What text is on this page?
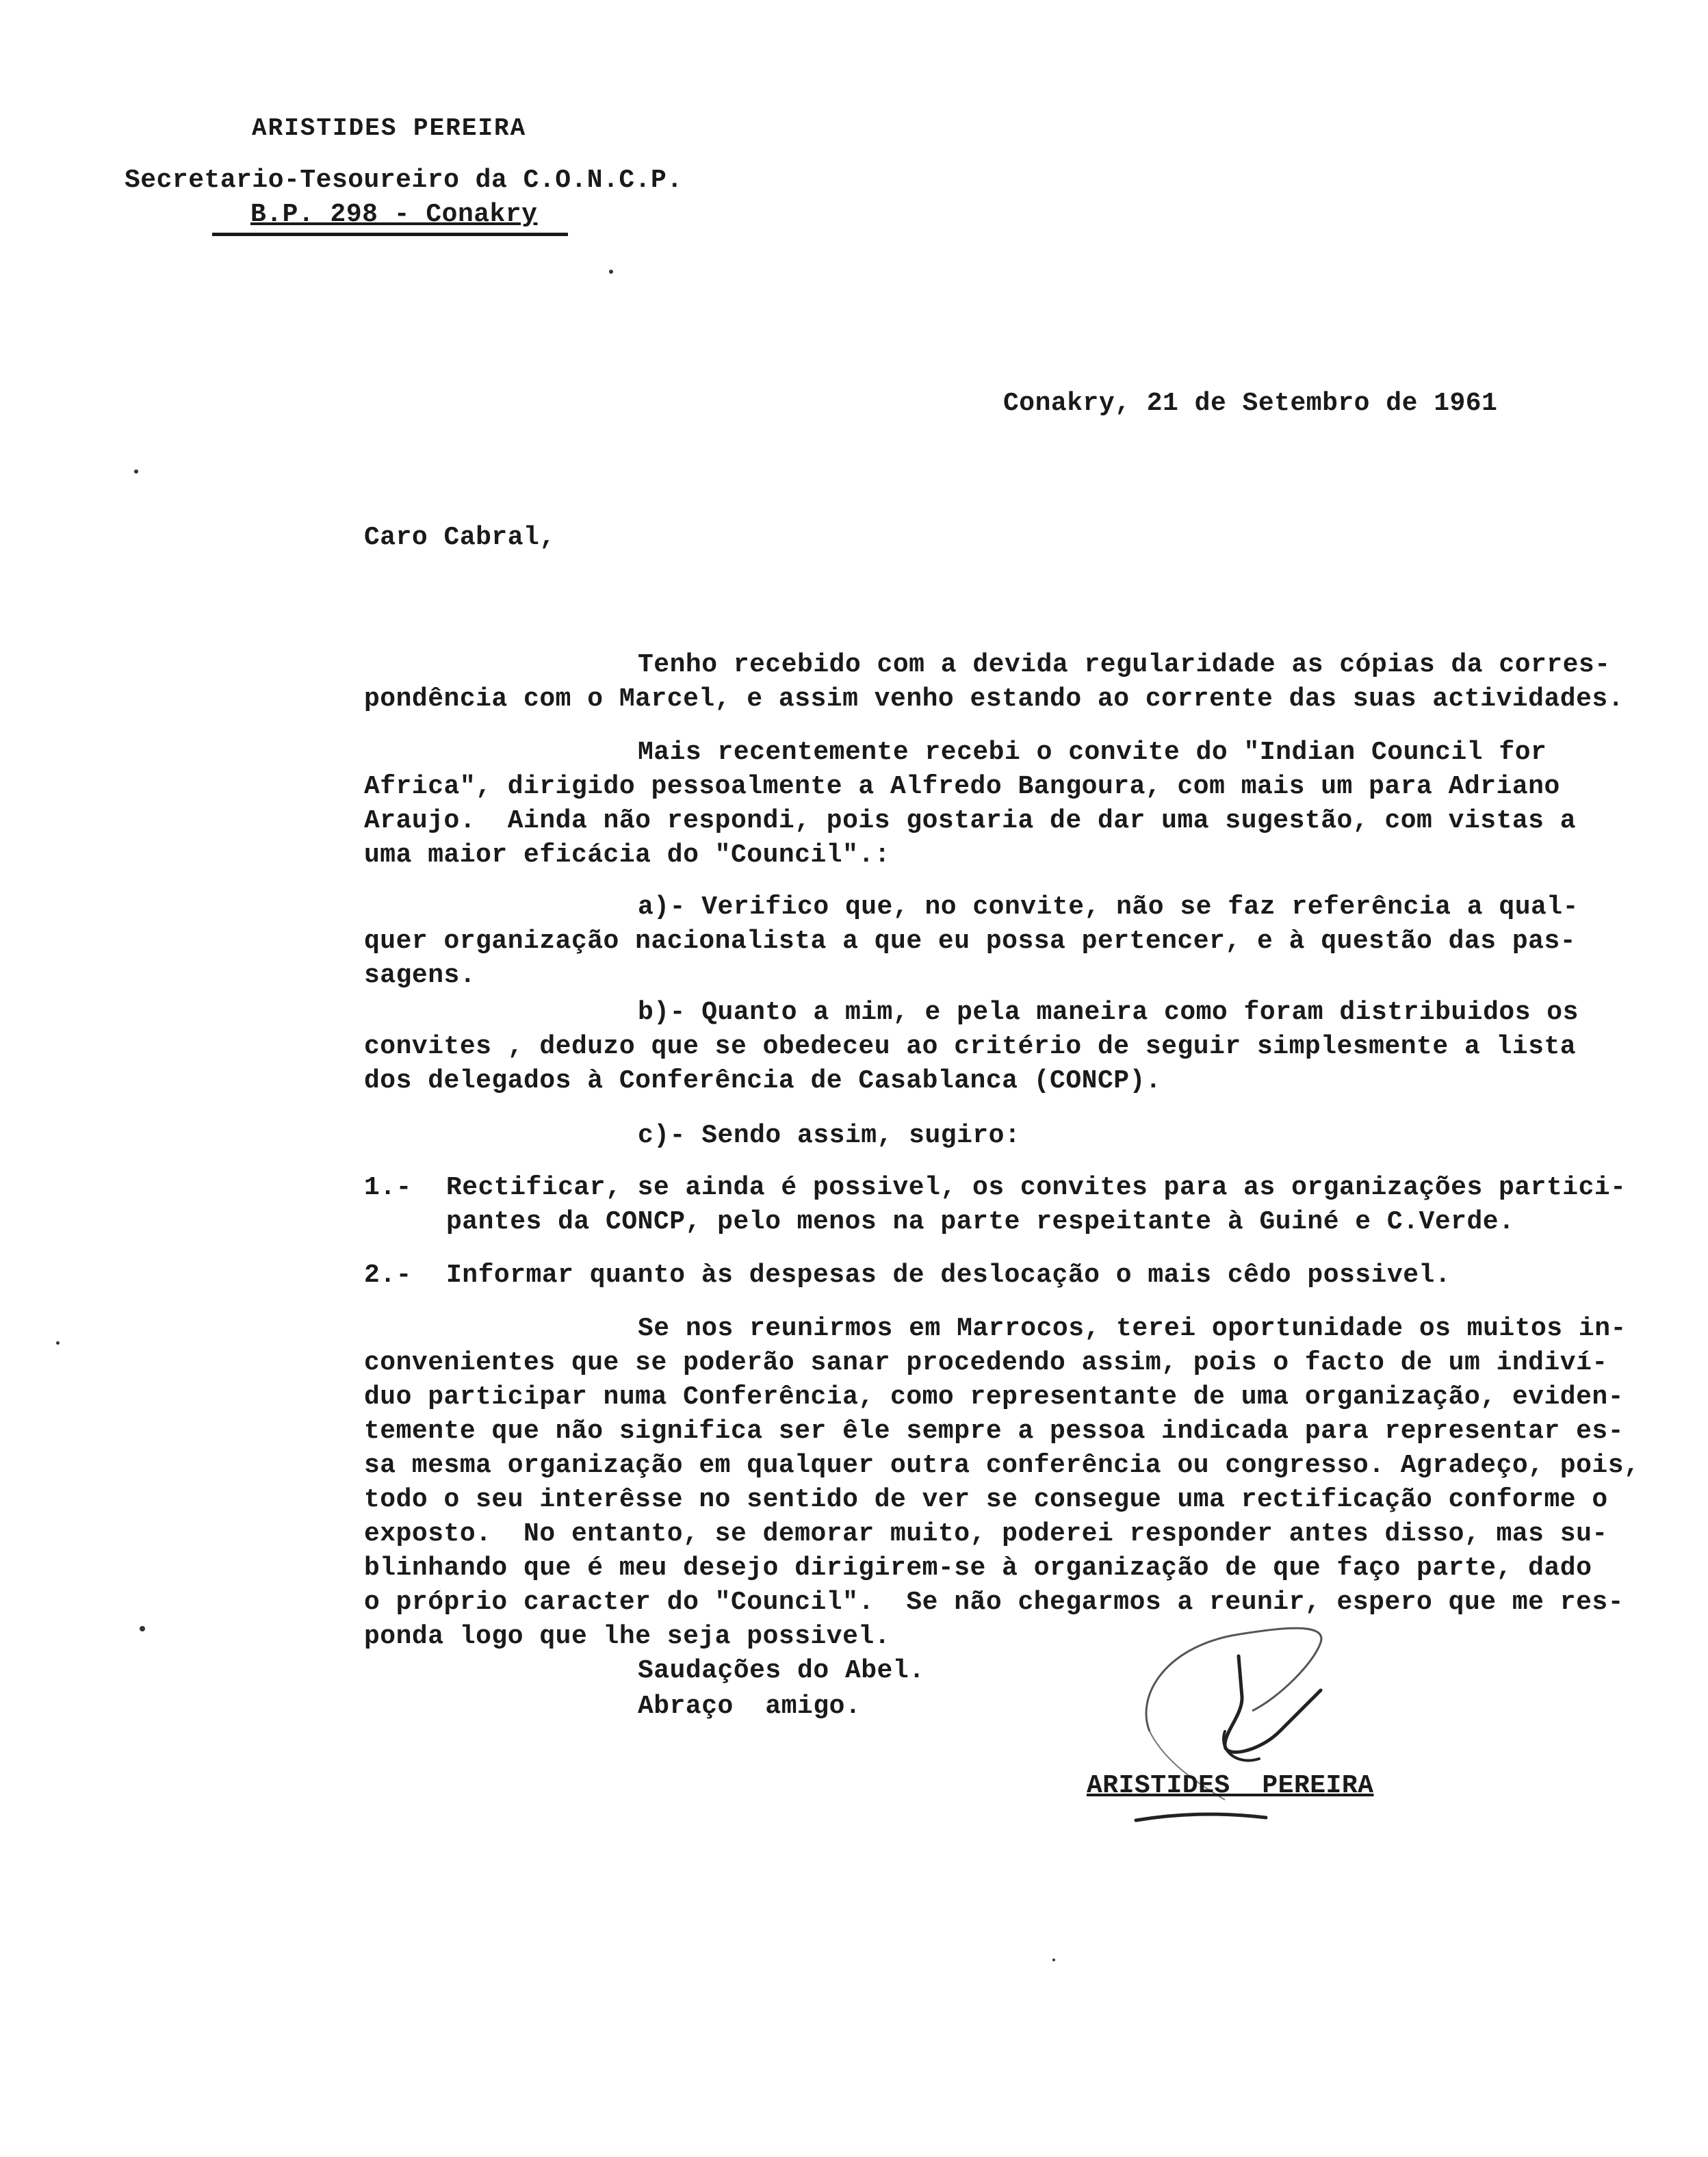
ARISTIDES PEREIRA
Secretario-Tesoureiro da C.O.N.C.P.
B.P. 298 - Conakry
Conakry, 21 de Setembro de 1961
Caro Cabral,
Tenho recebido com a devida regularidade as cópias da corres-
pondência com o Marcel, e assim venho estando ao corrente das suas actividades.
Mais recentemente recebi o convite do "Indian Council for
Africa", dirigido pessoalmente a Alfredo Bangoura, com mais um para Adriano
Araujo.  Ainda não respondi, pois gostaria de dar uma sugestão, com vistas a
uma maior eficácia do "Council".:
a)- Verifico que, no convite, não se faz referência a qual-
quer organização nacionalista a que eu possa pertencer, e à questão das pas-
sagens.
b)- Quanto a mim, e pela maneira como foram distribuidos os
convites , deduzo que se obedeceu ao critério de seguir simplesmente a lista
dos delegados à Conferência de Casablanca (CONCP).
c)- Sendo assim, sugiro:
1.- Rectificar, se ainda é possivel, os convites para as organizações partici-
pantes da CONCP, pelo menos na parte respeitante à Guiné e C.Verde.
2.- Informar quanto às despesas de deslocação o mais cêdo possivel.
Se nos reunirmos em Marrocos, terei oportunidade os muitos in-
convenientes que se poderão sanar procedendo assim, pois o facto de um indiví-
duo participar numa Conferência, como representante de uma organização, eviden-
temente que não significa ser êle sempre a pessoa indicada para representar es-
sa mesma organização em qualquer outra conferência ou congresso. Agradeço, pois,
todo o seu interêsse no sentido de ver se consegue uma rectificação conforme o
exposto.  No entanto, se demorar muito, poderei responder antes disso, mas su-
blinhando que é meu desejo dirigirem-se à organização de que faço parte, dado
o próprio caracter do "Council".  Se não chegarmos a reunir, espero que me res-
ponda logo que lhe seja possivel.
Saudações do Abel.
Abraço  amigo.
ARISTIDES  PEREIRA
